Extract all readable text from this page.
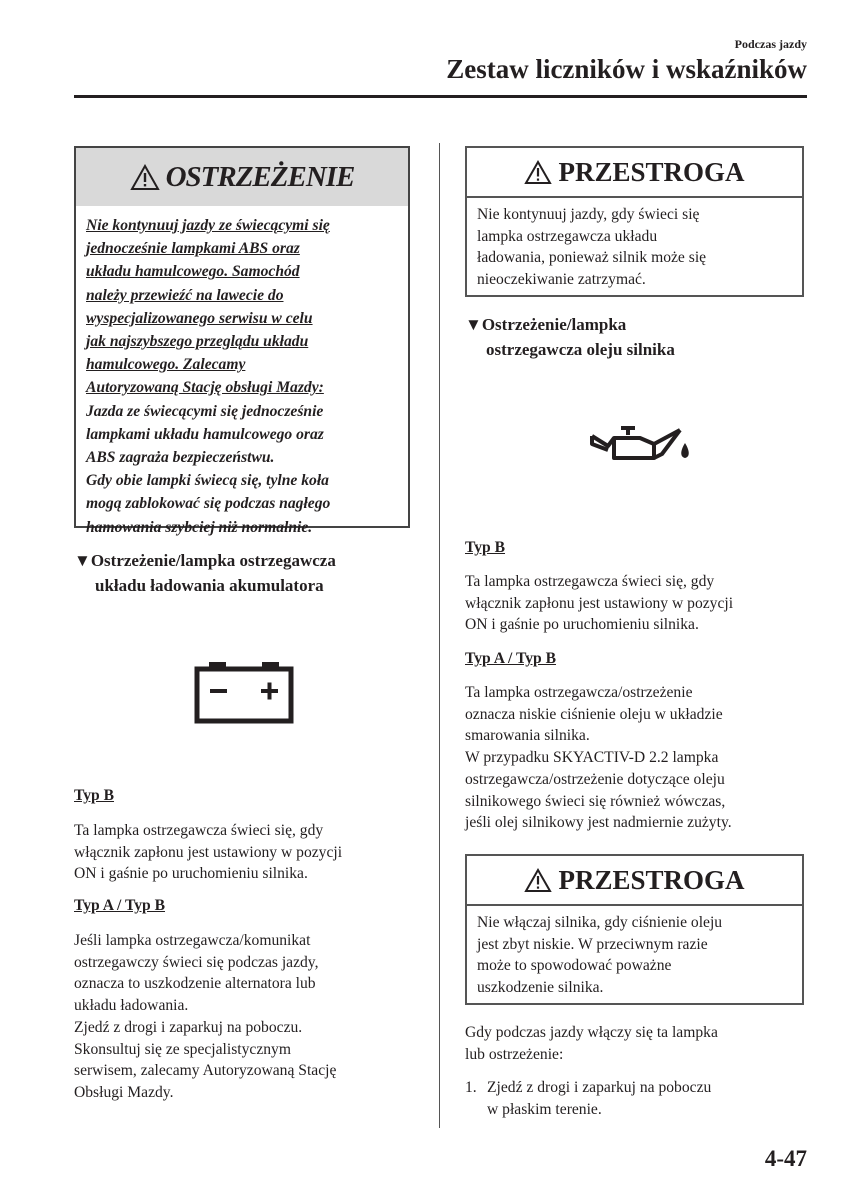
Podczas jazdy
Zestaw liczników i wskaźników
OSTRZEŻENIE
Nie kontynuuj jazdy ze świecącymi się
jednocześnie lampkami ABS oraz
układu hamulcowego. Samochód
należy przewieźć na lawecie do
wyspecjalizowanego serwisu w celu
jak najszybszego przeglądu układu
hamulcowego. Zalecamy
Autoryzowaną Stację obsługi Mazdy:
Jazda ze świecącymi się jednocześnie
lampkami układu hamulcowego oraz
ABS zagraża bezpieczeństwu.
Gdy obie lampki świecą się, tylne koła
mogą zablokować się podczas nagłego
hamowania szybciej niż normalnie.
▼Ostrzeżenie/lampka ostrzegawcza
układu ładowania akumulatora
Typ B
Ta lampka ostrzegawcza świeci się, gdy
włącznik zapłonu jest ustawiony w pozycji
ON i gaśnie po uruchomieniu silnika.
Typ A / Typ B
Jeśli lampka ostrzegawcza/komunikat
ostrzegawczy świeci się podczas jazdy,
oznacza to uszkodzenie alternatora lub
układu ładowania.
Zjedź z drogi i zaparkuj na poboczu.
Skonsultuj się ze specjalistycznym
serwisem, zalecamy Autoryzowaną Stację
Obsługi Mazdy.
PRZESTROGA
Nie kontynuuj jazdy, gdy świeci się
lampka ostrzegawcza układu
ładowania, ponieważ silnik może się
nieoczekiwanie zatrzymać.
▼Ostrzeżenie/lampka
ostrzegawcza oleju silnika
Typ B
Ta lampka ostrzegawcza świeci się, gdy
włącznik zapłonu jest ustawiony w pozycji
ON i gaśnie po uruchomieniu silnika.
Typ A / Typ B
Ta lampka ostrzegawcza/ostrzeżenie
oznacza niskie ciśnienie oleju w układzie
smarowania silnika.
W przypadku SKYACTIV-D 2.2 lampka
ostrzegawcza/ostrzeżenie dotyczące oleju
silnikowego świeci się również wówczas,
jeśli olej silnikowy jest nadmiernie zużyty.
PRZESTROGA
Nie włączaj silnika, gdy ciśnienie oleju
jest zbyt niskie. W przeciwnym razie
może to spowodować poważne
uszkodzenie silnika.
Gdy podczas jazdy włączy się ta lampka
lub ostrzeżenie:
1. Zjedź z drogi i zaparkuj na poboczu
w płaskim terenie.
4-47
